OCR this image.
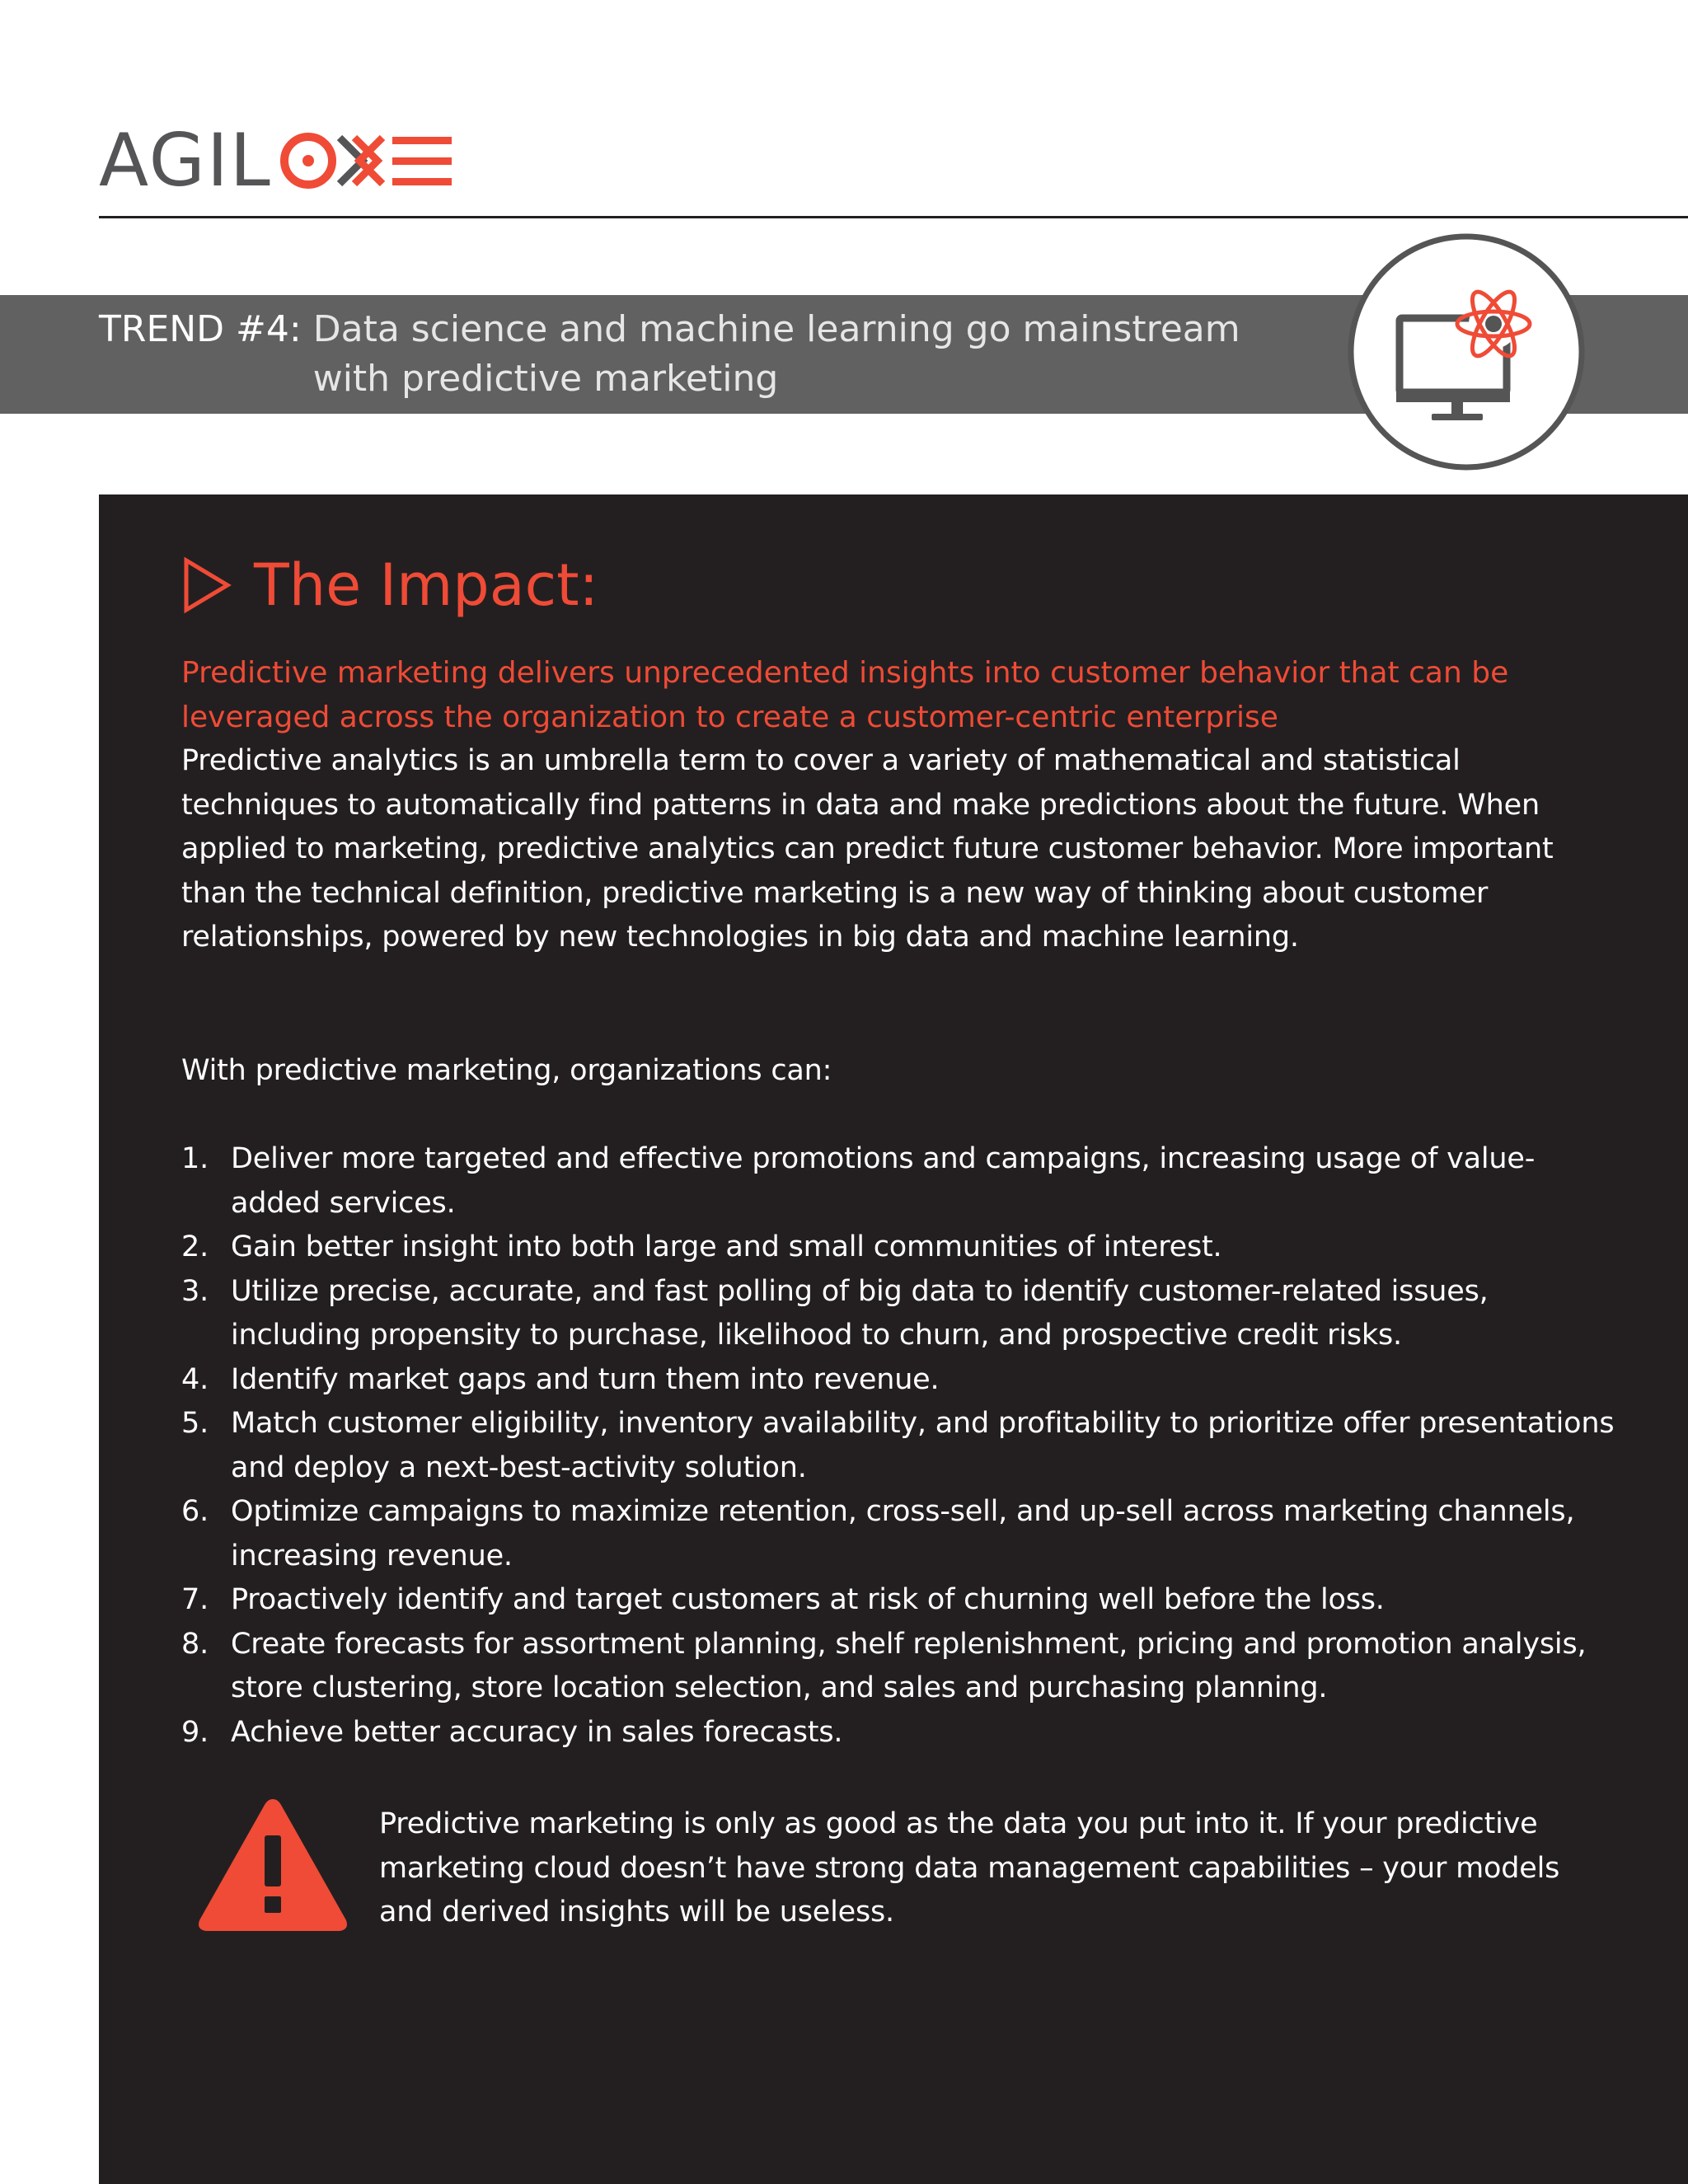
AGIL
TREND #4: Data science and machine learning go mainstream with predictive marketing
The Impact:

Predictive marketing delivers unprecedented insights into customer behavior that can be leveraged across the organization to create a customer-centric enterprise

Predictive analytics is an umbrella term to cover a variety of mathematical and statistical techniques to automatically find patterns in data and make predictions about the future. When applied to marketing, predictive analytics can predict future customer behavior. More important than the technical definition, predictive marketing is a new way of thinking about customer relationships, powered by new technologies in big data and machine learning.

With predictive marketing, organizations can:

1. Deliver more targeted and effective promotions and campaigns, increasing usage of value-added services.
2. Gain better insight into both large and small communities of interest.
3. Utilize precise, accurate, and fast polling of big data to identify customer-related issues, including propensity to purchase, likelihood to churn, and prospective credit risks.
4. Identify market gaps and turn them into revenue.
5. Match customer eligibility, inventory availability, and profitability to prioritize offer presentations and deploy a next-best-activity solution.
6. Optimize campaigns to maximize retention, cross-sell, and up-sell across marketing channels, increasing revenue.
7. Proactively identify and target customers at risk of churning well before the loss.
8. Create forecasts for assortment planning, shelf replenishment, pricing and promotion analysis, store clustering, store location selection, and sales and purchasing planning.
9. Achieve better accuracy in sales forecasts.

Predictive marketing is only as good as the data you put into it. If your predictive marketing cloud doesn’t have strong data management capabilities – your models and derived insights will be useless.
